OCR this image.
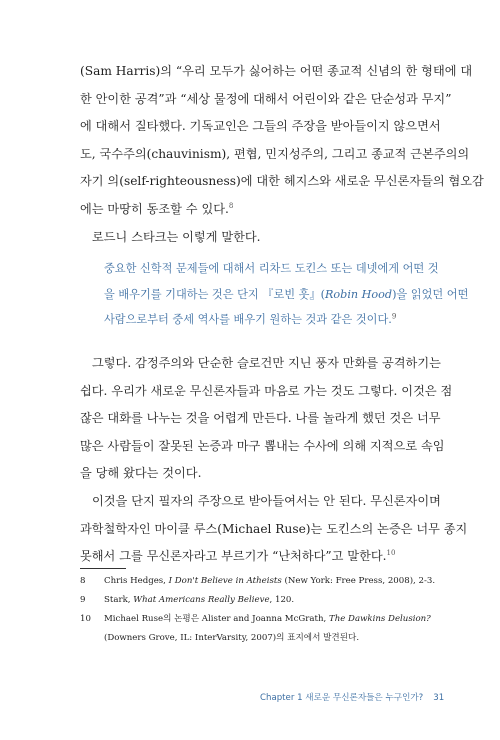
(Sam Harris)의 “우리 모두가 싫어하는 어떤 종교적 신념의 한 형태에 대

한 안이한 공격”과 “세상 물정에 대해서 어린이와 같은 단순성과 무지”

에 대해서 질타했다. 기독교인은 그들의 주장을 받아들이지 않으면서

도, 국수주의(chauvinism), 편협, 민지성주의, 그리고 종교적 근본주의의

자기 의(self-righteousness)에 대한 헤지스와 새로운 무신론자들의 혐오감

에는 마땅히 동조할 수 있다.$^8$

로드니 스타크는 이렇게 말한다.

중요한 신학적 문제들에 대해서 리차드 도킨스 또는 데넷에게 어떤 것

을 배우기를 기대하는 것은 단지 『로빈 훗』(Robin Hood)을 읽었던 어떤

사람으로부터 중세 역사를 배우기 원하는 것과 같은 것이다.$^9$

그렇다. 감정주의와 단순한 슬로건만 지닌 풍자 만화를 공격하기는

쉽다. 우리가 새로운 무신론자들과 마음로 가는 것도 그렇다. 이것은 점

잖은 대화를 나누는 것을 어렵게 만든다. 나를 놀라게 했던 것은 너무

많은 사람들이 잘못된 논증과 마구 뽑내는 수사에 의해 지적으로 속임

을 당해 왔다는 것이다.

이것을 단지 필자의 주장으로 받아들여서는 안 된다. 무신론자이며

과학철학자인 마이클 루스(Michael Ruse)는 도킨스의 논증은 너무 종지

못해서 그를 무신론자라고 부르기가 “난처하다”고 말한다.$^{10}$

8	Chris Hedges, I Don't Believe in Atheists (New York: Free Press, 2008), 2-3.
9	Stark, What Americans Really Believe, 120.
10	Michael Ruse의 논평은 Alister and Joanna McGrath, The Dawkins Delusion? (Downers Grove, IL: InterVarsity, 2007)의 표지에서 발견된다.
Chapter 1 새로운 무신론자들은 누구인가? 31
